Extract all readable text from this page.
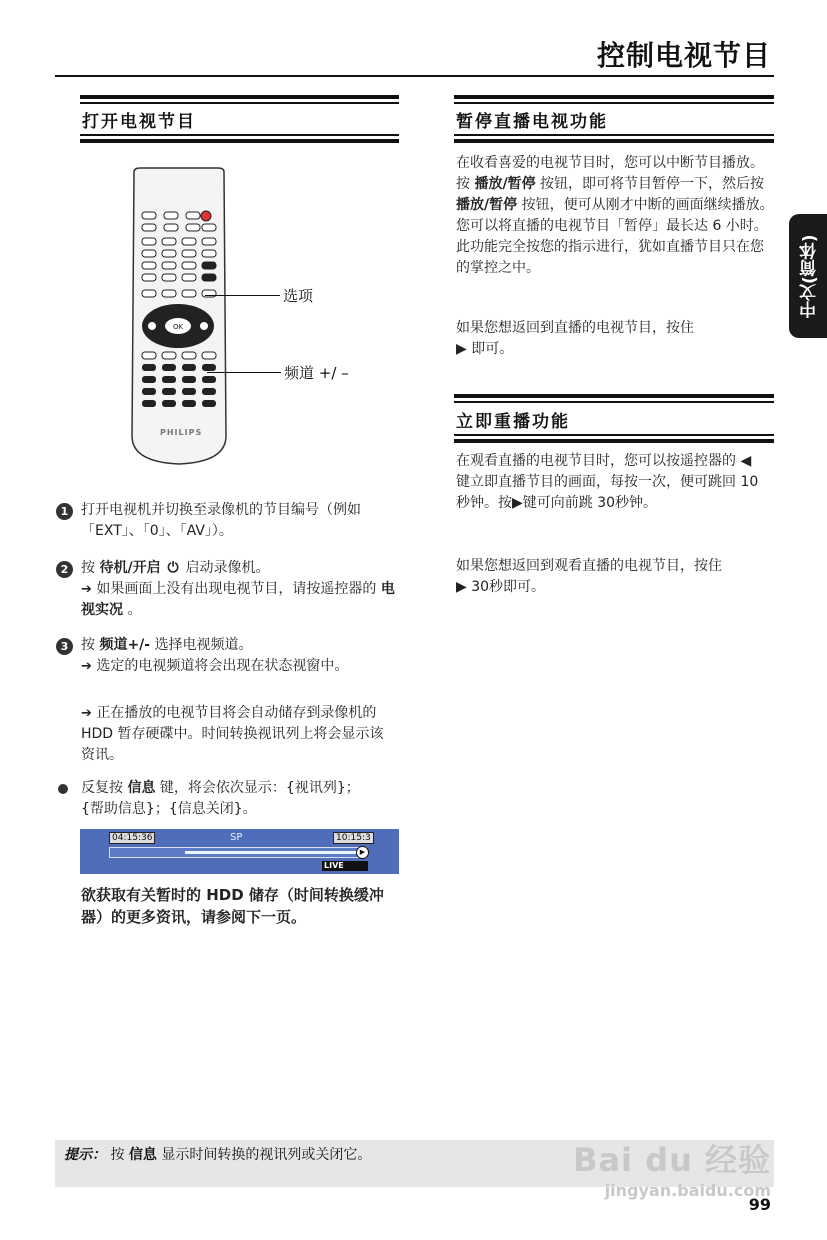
控制电视节目
中文(简体)
打开电视节目
OK
PHILIPS
选项
频道 +/ –
1 打开电视机并切换至录像机的节目编号（例如「EXT」、「0」、「AV」）。
2 按 待机/开启 ⏻ 启动录像机。
➔ 如果画面上没有出现电视节目，请按遥控器的 电视实况 。
3 按 频道+/- 选择电视频道。
➔ 选定的电视频道将会出现在状态视窗中。
➔ 正在播放的电视节目将会自动储存到录像机的 HDD 暂存硬碟中。时间转换视讯列上将会显示该资讯。
反复按 信息 键，将会依次显示：{视讯列}；{帮助信息}；{信息关闭}。
04:15:36	SP	10:15:3
▶
LIVE
欲获取有关暂时的 HDD 储存（时间转换缓冲器）的更多资讯，请参阅下一页。
暂停直播电视功能
在收看喜爱的电视节目时，您可以中断节目播放。按 播放/暂停 按钮，即可将节目暂停一下，然后按 播放/暂停 按钮，便可从刚才中断的画面继续播放。您可以将直播的电视节目「暂停」最长达 6 小时。此功能完全按您的指示进行，犹如直播节目只在您的掌控之中。
如果您想返回到直播的电视节目，按住
▶ 即可。
立即重播功能
在观看直播的电视节目时，您可以按遥控器的 ◀ 键立即直播节目的画面，每按一次，便可跳回 10 秒钟。按▶键可向前跳 30秒钟。
如果您想返回到观看直播的电视节目，按住
▶ 30秒即可。
提示： 按 信息 显示时间转换的视讯列或关闭它。	Bai du 经验
jingyan.baidu.com
99
